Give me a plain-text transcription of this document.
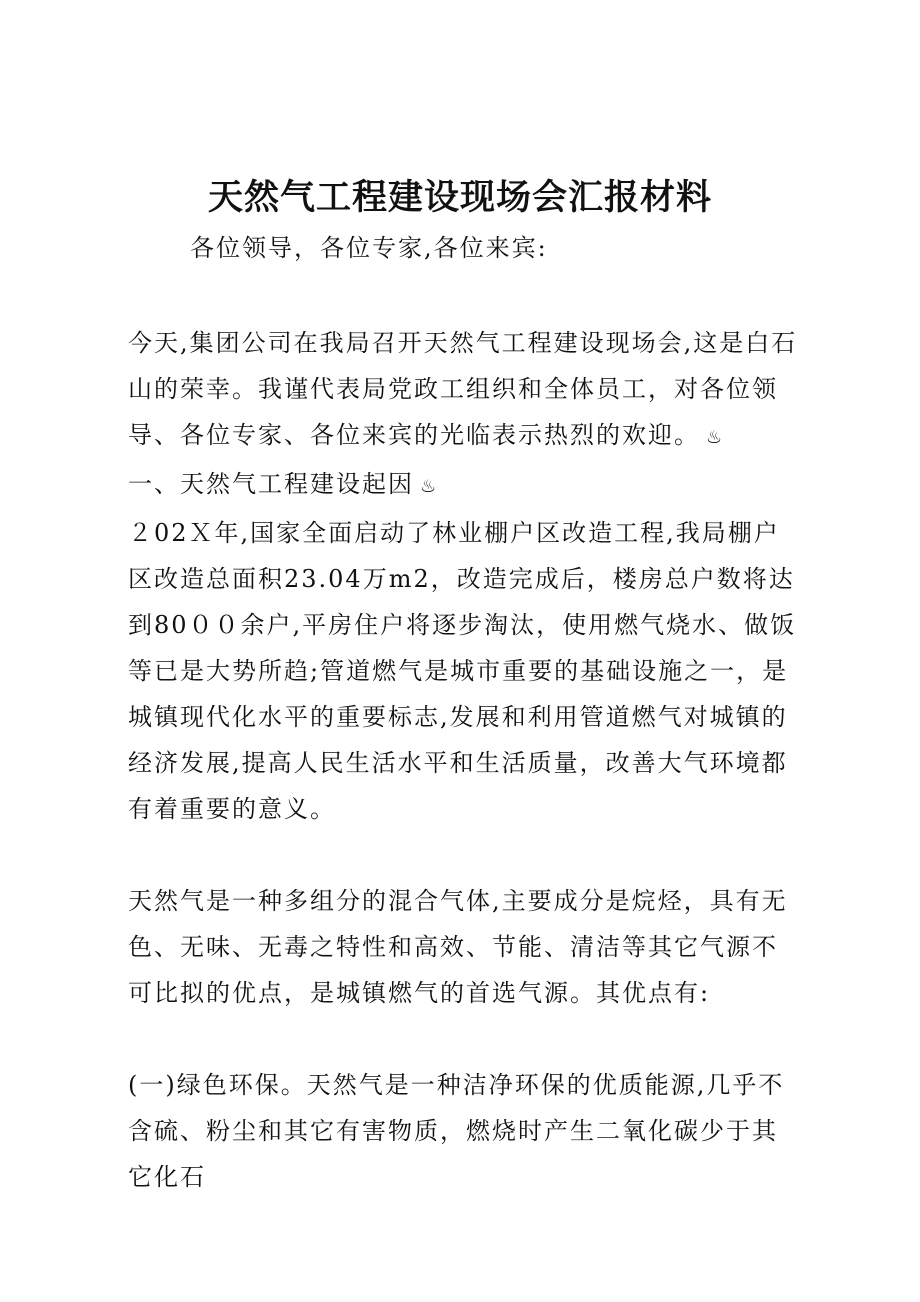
天然气工程建设现场会汇报材料
各位领导，各位专家,各位来宾:

今天,集团公司在我局召开天然气工程建设现场会,这是白石山的荣幸。我谨代表局党政工组织和全体员工，对各位领导、各位专家、各位来宾的光临表示热烈的欢迎。 ♨

一、天然气工程建设起因 ♨

２02Ｘ年,国家全面启动了林业棚户区改造工程,我局棚户区改造总面积23.04万m2，改造完成后，楼房总户数将达到80００余户,平房住户将逐步淘汰，使用燃气烧水、做饭等已是大势所趋;管道燃气是城市重要的基础设施之一，是城镇现代化水平的重要标志,发展和利用管道燃气对城镇的经济发展,提高人民生活水平和生活质量，改善大气环境都有着重要的意义。

天然气是一种多组分的混合气体,主要成分是烷烃，具有无色、无味、无毒之特性和高效、节能、清洁等其它气源不可比拟的优点，是城镇燃气的首选气源。其优点有:

(一)绿色环保。天然气是一种洁净环保的优质能源,几乎不含硫、粉尘和其它有害物质，燃烧时产生二氧化碳少于其它化石
